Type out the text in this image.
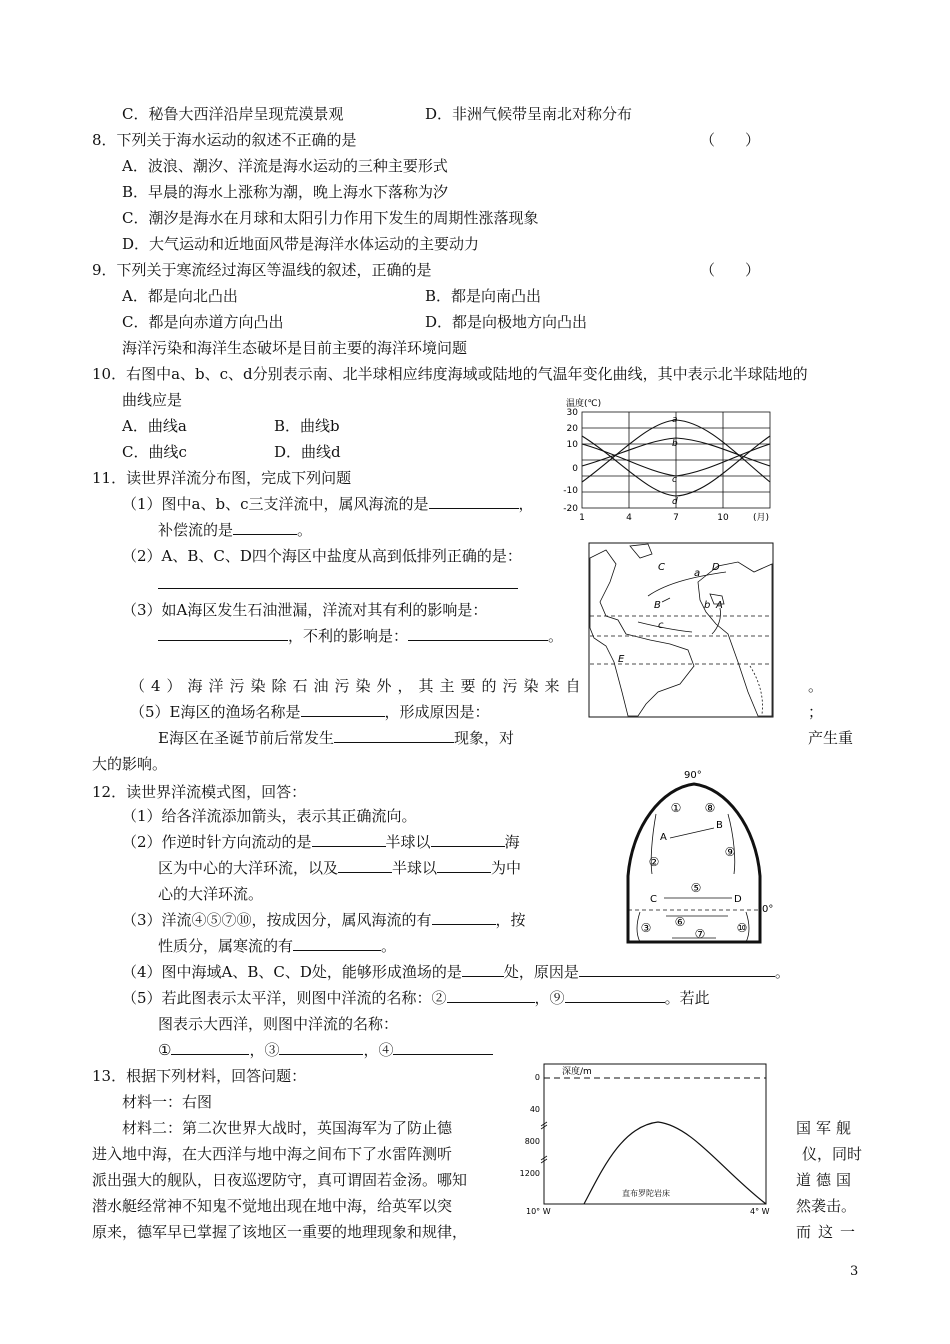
C．秘鲁大西洋沿岸呈现荒漠景观	D．非洲气候带呈南北对称分布
8．下列关于海水运动的叙述不正确的是	（　　）
A．波浪、潮汐、洋流是海水运动的三种主要形式
B．早晨的海水上涨称为潮，晚上海水下落称为汐
C．潮汐是海水在月球和太阳引力作用下发生的周期性涨落现象
D．大气运动和近地面风带是海洋水体运动的主要动力
9．下列关于寒流经过海区等温线的叙述，正确的是	（　　）
A．都是向北凸出	B．都是向南凸出
C．都是向赤道方向凸出	D．都是向极地方向凸出
海洋污染和海洋生态破坏是目前主要的海洋环境问题
10．右图中a、b、c、d分别表示南、北半球相应纬度海域或陆地的气温年变化曲线，其中表示北半球陆地的
曲线应是
A．曲线a	B．曲线b
C．曲线c	D．曲线d
温度(℃)
30
20
10
0
-10
-20
1	4	7	10	(月)
a
b
c
d
11．读世界洋流分布图，完成下列问题
（1）图中a、b、c三支洋流中，属风海流的是	，
补偿流的是	。
（2）A、B、C、D四个海区中盐度从高到低排列正确的是：
（3）如A海区发生石油泄漏，洋流对其有利的影响是：
，不利的影响是：	。
（4）海洋污染除石油污染外，其主要的污染来自	。
（5）E海区的渔场名称是	，形成原因是：	；
E海区在圣诞节前后常发生	现象，对	产生重
大的影响。
C
a
D
B	b A
c
E
12．读世界洋流模式图，回答：
（1）给各洋流添加箭头，表示其正确流向。
（2）作逆时针方向流动的是	半球以	海
区为中心的大洋环流，以及	半球以	为中
心的大洋环流。
（3）洋流④⑤⑦⑩，按成因分，属风海流的有	，按
性质分，属寒流的有	。
（4）图中海域A、B、C、D处，能够形成渔场的是	处，原因是	。
（5）若此图表示太平洋，则图中洋流的名称：②	，⑨	。若此
图表示大西洋，则图中洋流的名称：
①	，③	，④
90°
0°
① ⑧
②
⑨
⑤
③ ⑥
⑦	⑩
A
B
C	D
13．根据下列材料，回答问题：
材料一：右图
材料二：第二次世界大战时，英国海军为了防止德	国军舰
进入地中海，在大西洋与地中海之间布下了水雷阵测听	仪，同时
派出强大的舰队，日夜巡逻防守，真可谓固若金汤。哪知	道德国
潜水艇经常神不知鬼不觉地出现在地中海，给英军以突	然袭击。
原来，德军早已掌握了该地区一重要的地理现象和规律，	而这一
深度/m
0
40
800
1200
直布罗陀岩床
10° W	4° W
3
